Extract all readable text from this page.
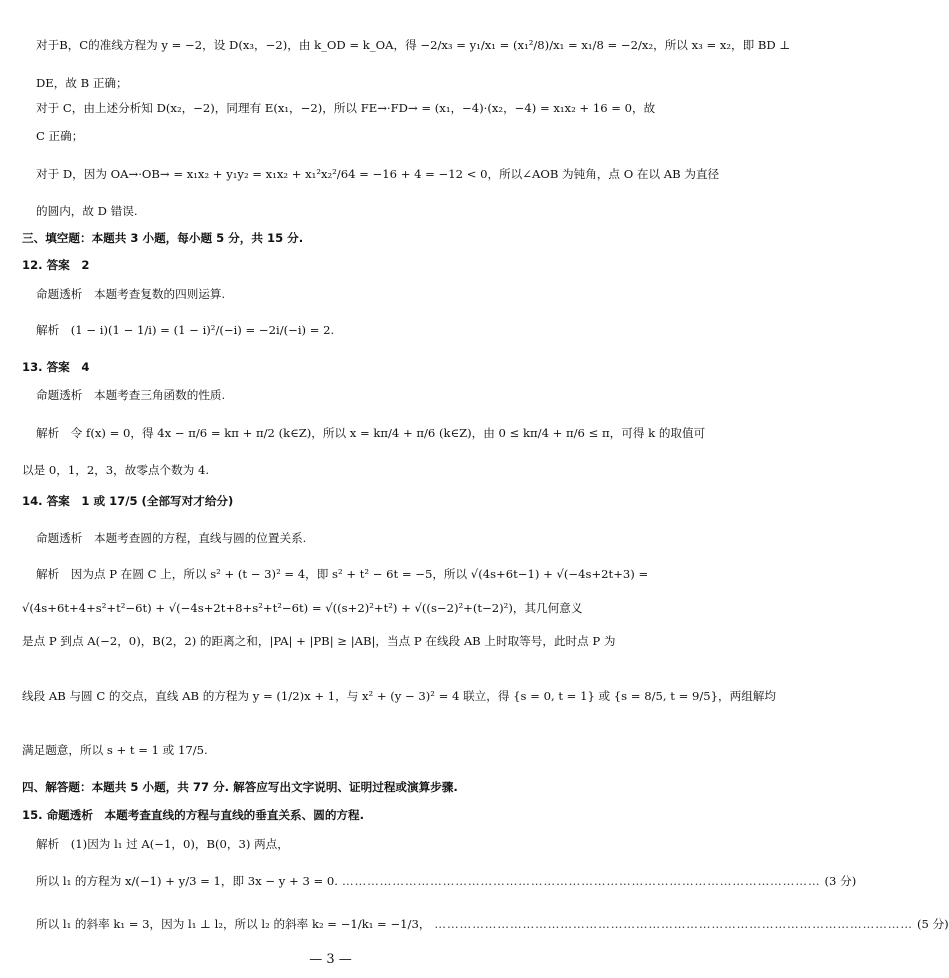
对于B，C的准线方程为 y = −2，设 D(x₃，−2)，由 k_OD = k_OA，得 −2/x₃ = y₁/x₁ = (x₁²/8)/x₁ = x₁/8 = −2/x₂，所以 x₃ = x₂，即 BD ⊥
DE，故 B 正确；
对于 C，由上述分析知 D(x₂，−2)，同理有 E(x₁，−2)，所以 FE→·FD→ = (x₁，−4)·(x₂，−4) = x₁x₂ + 16 = 0，故
C 正确；
对于 D，因为 OA→·OB→ = x₁x₂ + y₁y₂ = x₁x₂ + x₁²x₂²/64 = −16 + 4 = −12 < 0，所以∠AOB 为钝角，点 O 在以 AB 为直径
的圆内，故 D 错误.
三、填空题：本题共 3 小题，每小题 5 分，共 15 分.
12. 答案　2
命题透析　本题考查复数的四则运算.
解析　(1 − i)(1 − 1/i) = (1 − i)²/(−i) = −2i/(−i) = 2.
13. 答案　4
命题透析　本题考查三角函数的性质.
解析　令 f(x) = 0，得 4x − π/6 = kπ + π/2 (k∈Z)，所以 x = kπ/4 + π/6 (k∈Z)，由 0 ≤ kπ/4 + π/6 ≤ π，可得 k 的取值可
以是 0，1，2，3，故零点个数为 4.
14. 答案　1 或 17/5 (全部写对才给分)
命题透析　本题考查圆的方程，直线与圆的位置关系.
解析　因为点 P 在圆 C 上，所以 s² + (t − 3)² = 4，即 s² + t² − 6t = −5，所以 √(4s+6t−1) + √(−4s+2t+3) =
√(4s+6t+4+s²+t²−6t) + √(−4s+2t+8+s²+t²−6t) = √((s+2)²+t²) + √((s−2)²+(t−2)²)，其几何意义
是点 P 到点 A(−2，0)，B(2，2) 的距离之和，|PA| + |PB| ≥ |AB|，当点 P 在线段 AB 上时取等号，此时点 P 为
线段 AB 与圆 C 的交点，直线 AB 的方程为 y = (1/2)x + 1，与 x² + (y − 3)² = 4 联立，得 {s = 0, t = 1} 或 {s = 8/5, t = 9/5}，两组解均
满足题意，所以 s + t = 1 或 17/5.
四、解答题：本题共 5 小题，共 77 分. 解答应写出文字说明、证明过程或演算步骤.
15. 命题透析　本题考查直线的方程与直线的垂直关系、圆的方程.
解析　(1)因为 l₁ 过 A(−1，0)，B(0，3) 两点，
所以 l₁ 的方程为 x/(−1) + y/3 = 1，即 3x − y + 3 = 0. …………………………………………………………………………………………………… (3 分)
所以 l₁ 的斜率 k₁ = 3，因为 l₁ ⊥ l₂，所以 l₂ 的斜率 k₂ = −1/k₁ = −1/3， …………………………………………………………………………………………………… (5 分)
— 3 —
